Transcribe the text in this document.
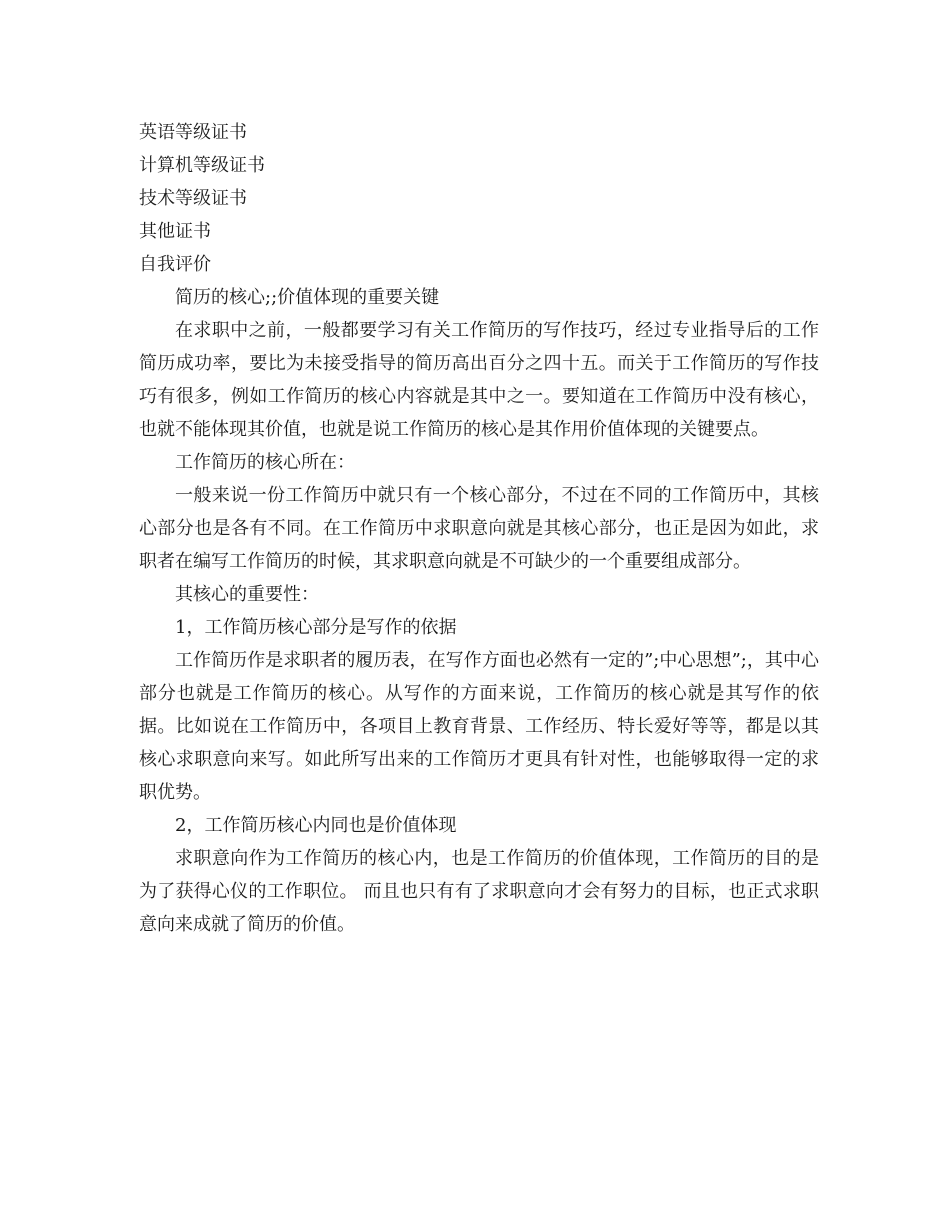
英语等级证书

计算机等级证书

技术等级证书

其他证书

自我评价

简历的核心;;价值体现的重要关键

在求职中之前，一般都要学习有关工作简历的写作技巧，经过专业指导后的工作简历成功率，要比为未接受指导的简历高出百分之四十五。而关于工作简历的写作技巧有很多，例如工作简历的核心内容就是其中之一。要知道在工作简历中没有核心，也就不能体现其价值，也就是说工作简历的核心是其作用价值体现的关键要点。

工作简历的核心所在：

一般来说一份工作简历中就只有一个核心部分，不过在不同的工作简历中，其核心部分也是各有不同。在工作简历中求职意向就是其核心部分，也正是因为如此，求职者在编写工作简历的时候，其求职意向就是不可缺少的一个重要组成部分。

其核心的重要性：

1，工作简历核心部分是写作的依据

工作简历作是求职者的履历表，在写作方面也必然有一定的”;中心思想”;，其中心部分也就是工作简历的核心。从写作的方面来说，工作简历的核心就是其写作的依据。比如说在工作简历中，各项目上教育背景、工作经历、特长爱好等等，都是以其核心求职意向来写。如此所写出来的工作简历才更具有针对性，也能够取得一定的求职优势。

2，工作简历核心内同也是价值体现

求职意向作为工作简历的核心内，也是工作简历的价值体现，工作简历的目的是为了获得心仪的工作职位。 而且也只有有了求职意向才会有努力的目标，也正式求职意向来成就了简历的价值。
